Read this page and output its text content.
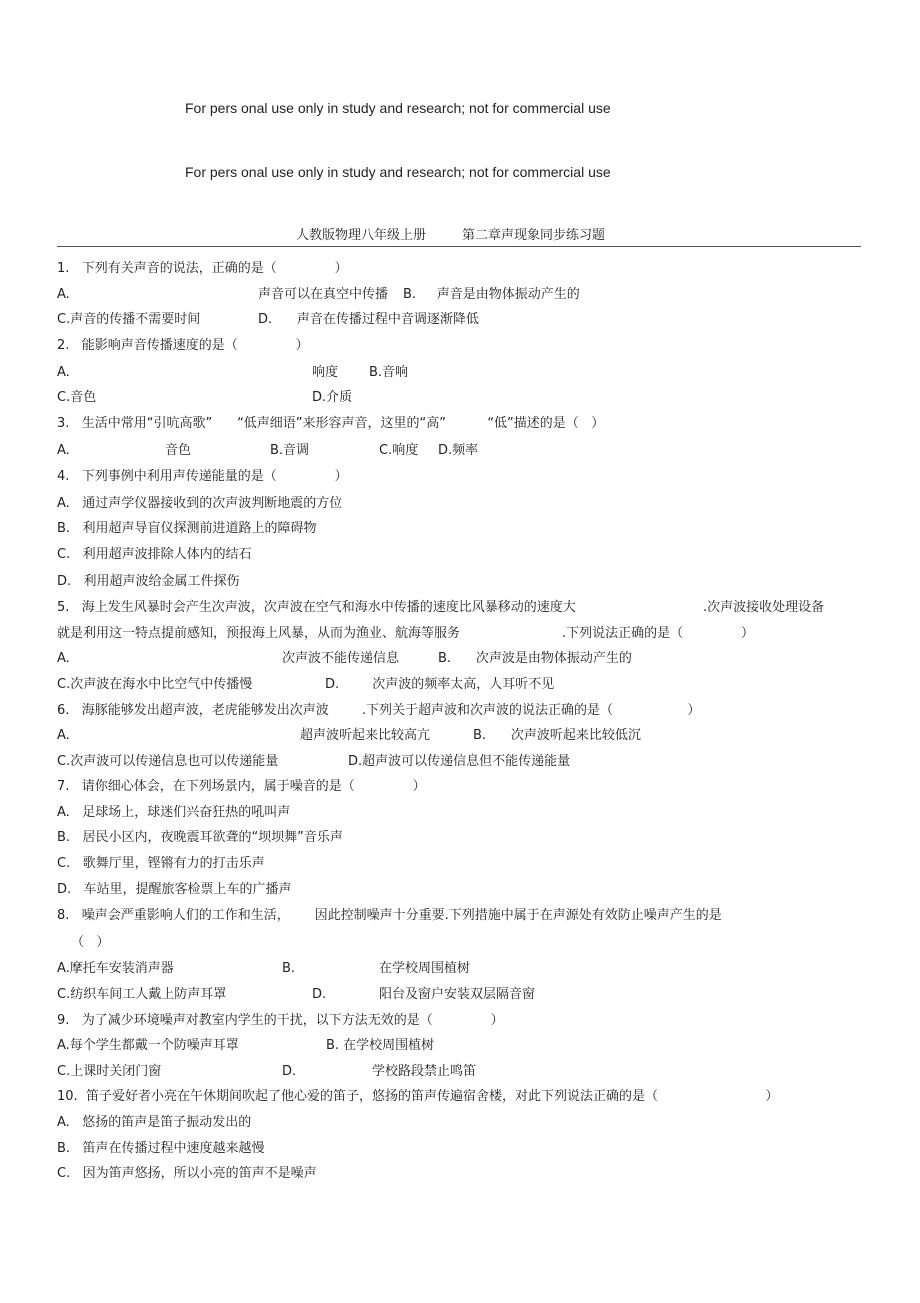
For pers onal use only in study and research; not for commercial use
For pers onal use only in study and research; not for commercial use
人教版物理八年级上册	第二章声现象同步练习题
1.   下列有关声音的说法，正确的是（              ）
A.	声音可以在真空中传播 B.     声音是由物体振动产生的
C.声音的传播不需要时间	D.      声音在传播过程中音调逐渐降低
2.   能影响声音传播速度的是（              ）
A.	响度 B.音响
C.音色	D.介质
3.   生活中常用“引吭高歌”      “低声细语”来形容声音，这里的“高”          “低”描述的是（   ）
A.	音色	B.音调	C.响度 D.频率
4.   下列事例中利用声传递能量的是（              ）
A.   通过声学仪器接收到的次声波判断地震的方位
B.   利用超声导盲仪探测前进道路上的障碍物
C.   利用超声波排除人体内的结石
D.   利用超声波给金属工件探伤
5.   海上发生风暴时会产生次声波，次声波在空气和海水中传播的速度比风暴移动的速度大	.次声波接收处理设备
就是利用这一特点提前感知，预报海上风暴，从而为渔业、航海等服务	.下列说法正确的是（              ）
A.	次声波不能传递信息	B.      次声波是由物体振动产生的
C.次声波在海水中比空气中传播慢	D.        次声波的频率太高，人耳听不见
6.   海豚能够发出超声波，老虎能够发出次声波        .下列关于超声波和次声波的说法正确的是（                  ）
A.	超声波听起来比较高亢	B.      次声波听起来比较低沉
C.次声波可以传递信息也可以传递能量	D.超声波可以传递信息但不能传递能量
7.   请你细心体会，在下列场景内，属于噪音的是（              ）
A.   足球场上，球迷们兴奋狂热的吼叫声
B.   居民小区内，夜晚震耳欲聋的“坝坝舞”音乐声
C.   歌舞厅里，铿锵有力的打击乐声
D.   车站里，提醒旅客检票上车的广播声
8.   噪声会严重影响人们的工作和生活，      因此控制噪声十分重要.下列措施中属于在声源处有效防止噪声产生的是
（   ）
A.摩托车安装消声器	B.	在学校周围植树
C.纺织车间工人戴上防声耳罩	D.	阳台及窗户安装双层隔音窗
9.   为了减少环境噪声对教室内学生的干扰，以下方法无效的是（              ）
A.每个学生都戴一个防噪声耳罩	B. 在学校周围植树
C.上课时关闭门窗	D.	学校路段禁止鸣笛
10.  笛子爱好者小亮在午休期间吹起了他心爱的笛子，悠扬的笛声传遍宿舍楼，对此下列说法正确的是（                          ）
A.   悠扬的笛声是笛子振动发出的
B.   笛声在传播过程中速度越来越慢
C.   因为笛声悠扬，所以小亮的笛声不是噪声
